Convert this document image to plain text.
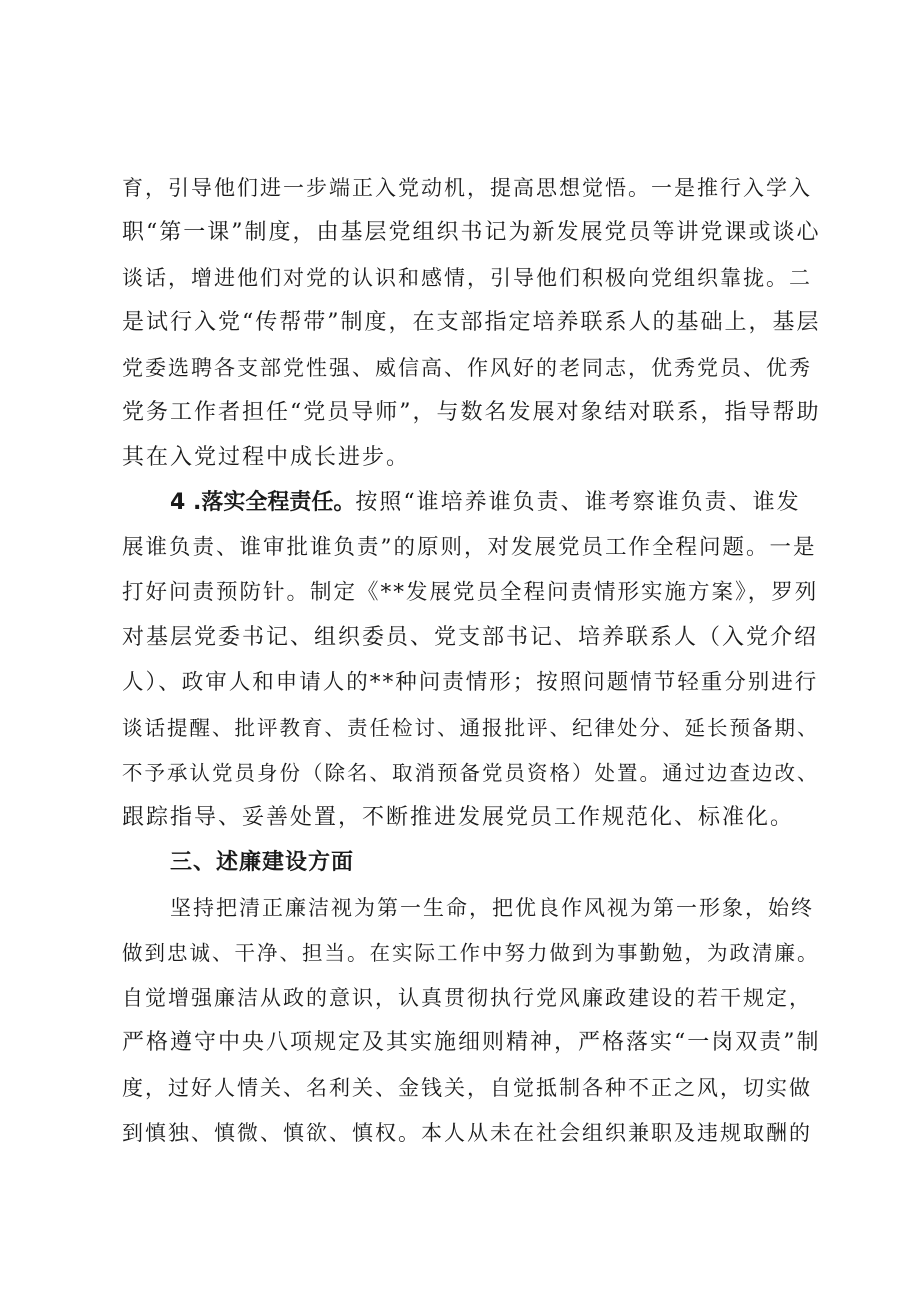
育，引导他们进一步端正入党动机，提高思想觉悟。一是推行入学入
职“第一课”制度，由基层党组织书记为新发展党员等讲党课或谈心
谈话，增进他们对党的认识和感情，引导他们积极向党组织靠拢。二
是试行入党“传帮带”制度，在支部指定培养联系人的基础上，基层
党委选聘各支部党性强、威信高、作风好的老同志，优秀党员、优秀
党务工作者担任“党员导师”，与数名发展对象结对联系，指导帮助
其在入党过程中成长进步。
4 .落实全程责任。按照“谁培养谁负责、谁考察谁负责、谁发
展谁负责、谁审批谁负责”的原则，对发展党员工作全程问题。一是
打好问责预防针。制定《**发展党员全程问责情形实施方案》，罗列
对基层党委书记、组织委员、党支部书记、培养联系人（入党介绍
人）、政审人和申请人的**种问责情形；按照问题情节轻重分别进行
谈话提醒、批评教育、责任检讨、通报批评、纪律处分、延长预备期、
不予承认党员身份（除名、取消预备党员资格）处置。通过边查边改、
跟踪指导、妥善处置，不断推进发展党员工作规范化、标准化。
三、述廉建设方面
坚持把清正廉洁视为第一生命，把优良作风视为第一形象，始终
做到忠诚、干净、担当。在实际工作中努力做到为事勤勉，为政清廉。
自觉增强廉洁从政的意识，认真贯彻执行党风廉政建设的若干规定，
严格遵守中央八项规定及其实施细则精神，严格落实“一岗双责”制
度，过好人情关、名利关、金钱关，自觉抵制各种不正之风，切实做
到慎独、慎微、慎欲、慎权。本人从未在社会组织兼职及违规取酬的
